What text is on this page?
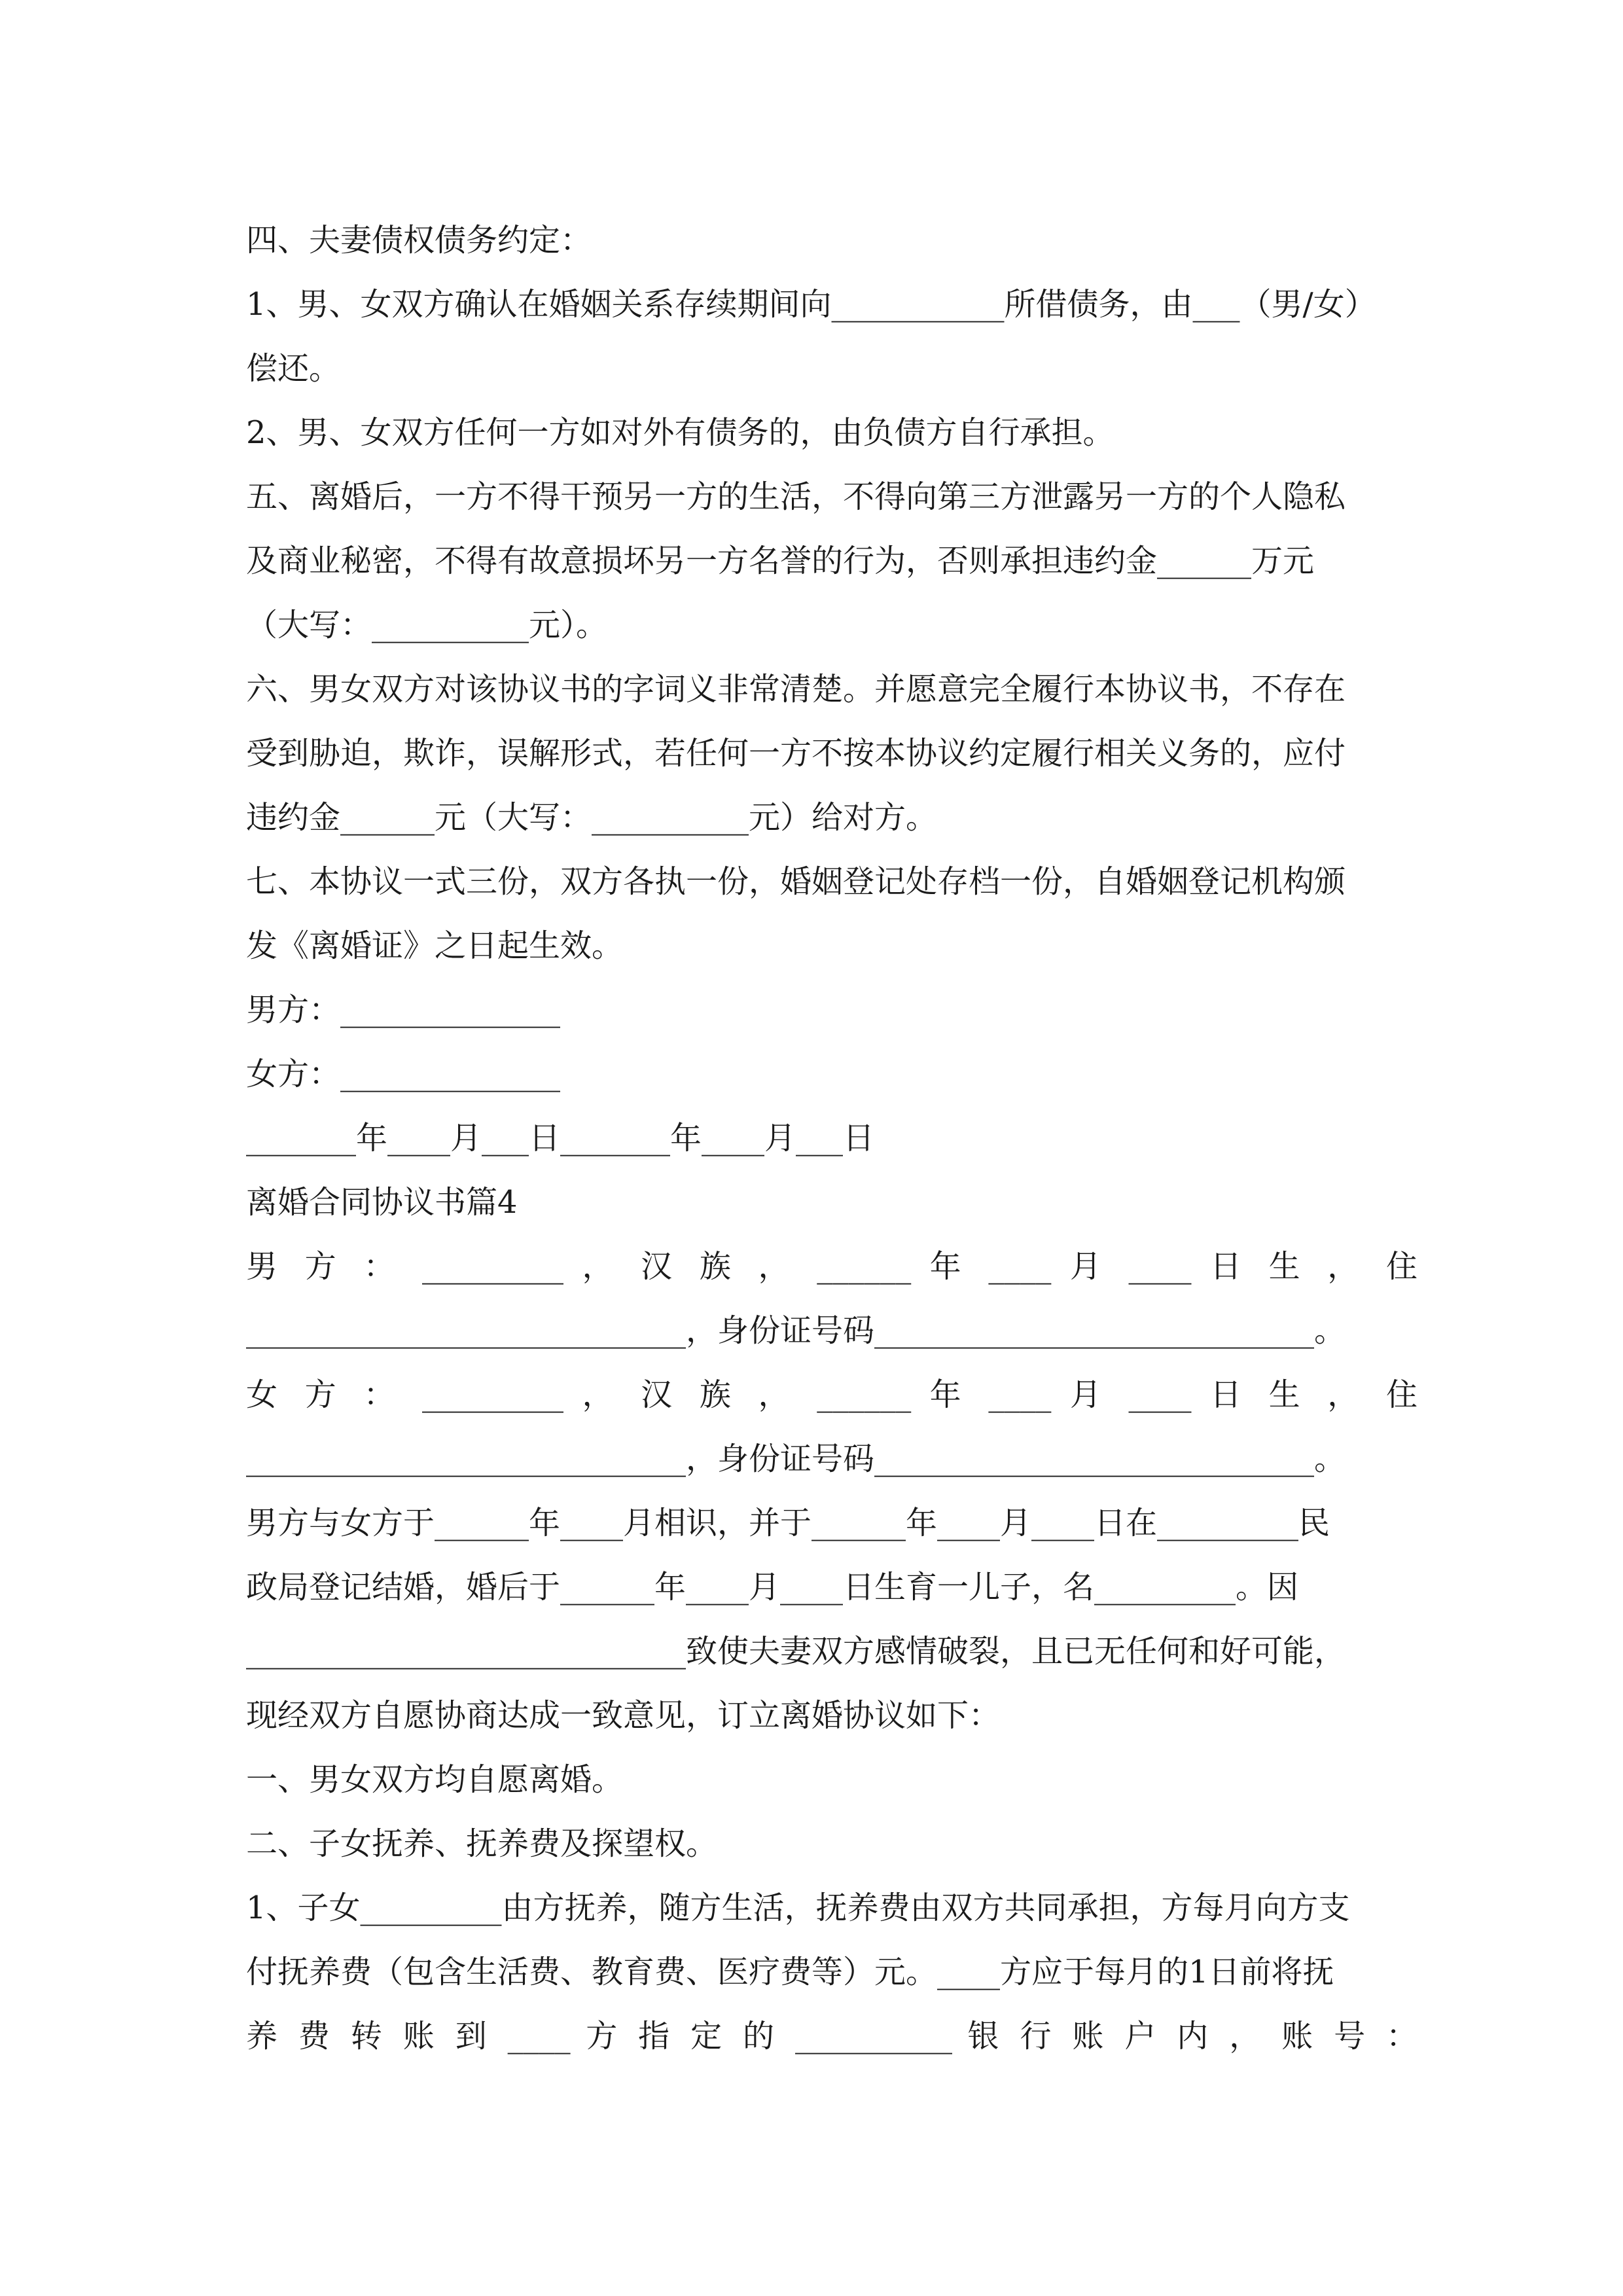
四、夫妻债权债务约定：
1、男、女双方确认在婚姻关系存续期间向___________所借债务，由___（男/女）
偿还。
2、男、女双方任何一方如对外有债务的，由负债方自行承担。
五、离婚后，一方不得干预另一方的生活，不得向第三方泄露另一方的个人隐私
及商业秘密，不得有故意损坏另一方名誉的行为，否则承担违约金______万元
（大写：__________元）。
六、男女双方对该协议书的字词义非常清楚。并愿意完全履行本协议书，不存在
受到胁迫，欺诈，误解形式，若任何一方不按本协议约定履行相关义务的，应付
违约金______元（大写：__________元）给对方。
七、本协议一式三份，双方各执一份，婚姻登记处存档一份，自婚姻登记机构颁
发《离婚证》之日起生效。
男方：______________
女方：______________
_______年____月___日_______年____月___日
离婚合同协议书篇4
男 方 ： _________ ， 汉 族 ， ______ 年 ____ 月 ____ 日 生 ， 住
____________________________，身份证号码____________________________。
女 方 ： _________ ， 汉 族 ， ______ 年 ____ 月 ____ 日 生 ， 住
____________________________，身份证号码____________________________。
男方与女方于______年____月相识，并于______年____月____日在_________民
政局登记结婚，婚后于______年____月____日生育一儿子，名_________。因
____________________________致使夫妻双方感情破裂，且已无任何和好可能，
现经双方自愿协商达成一致意见，订立离婚协议如下：
一、男女双方均自愿离婚。
二、子女抚养、抚养费及探望权。
1、子女_________由方抚养，随方生活，抚养费由双方共同承担，方每月向方支
付抚养费（包含生活费、教育费、医疗费等）元。____方应于每月的1日前将抚
养 费 转 账 到 ____ 方 指 定 的 __________ 银 行 账 户 内 ， 账 号 ：
